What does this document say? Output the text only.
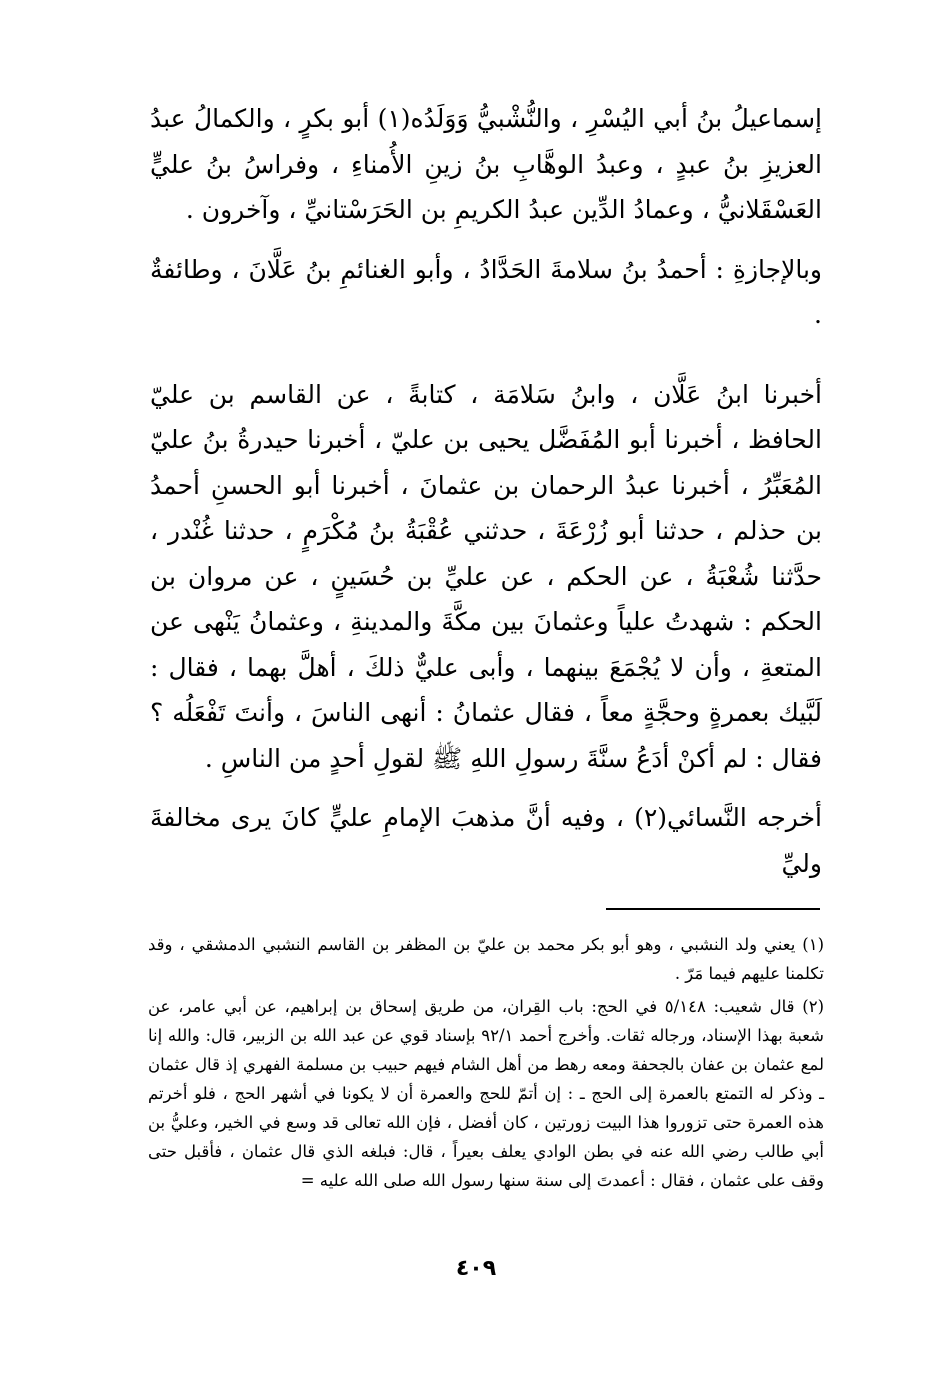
إسماعيلُ بنُ أبي اليُسْرِ ، والنُّشْبيُّ وَوَلَدُه(١) أبو بكرٍ ، والكمالُ عبدُ العزيزِ بنُ عبدٍ ، وعبدُ الوهَّابِ بنُ زينِ الأُمناءِ ، وفراسُ بنُ عليٍّ العَسْقَلانيُّ ، وعمادُ الدِّين عبدُ الكريمِ بن الحَرَسْتانيِّ ، وآخرون .

وبالإجازةِ : أحمدُ بنُ سلامةَ الحَدَّادُ ، وأبو الغنائمِ بنُ عَلَّانَ ، وطائفةٌ .

أخبرنا ابنُ عَلَّان ، وابنُ سَلامَة ، كتابةً ، عن القاسم بن عليّ الحافظ ، أخبرنا أبو المُفَضَّل يحيى بن عليّ ، أخبرنا حيدرةُ بنُ عليّ المُعَبِّرُ ، أخبرنا عبدُ الرحمان بن عثمانَ ، أخبرنا أبو الحسنِ أحمدُ بن حذلم ، حدثنا أبو زُرْعَةَ ، حدثني عُقْبَةُ بنُ مُكْرَمٍ ، حدثنا غُنْدر ، حدَّثنا شُعْبَةُ ، عن الحكم ، عن عليِّ بن حُسَينٍ ، عن مروان بن الحكم : شهدتُ علياً وعثمانَ بين مكَّةَ والمدينةِ ، وعثمانُ يَنْهى عن المتعةِ ، وأن لا يُجْمَعَ بينهما ، وأبى عليٌّ ذلكَ ، أهلَّ بهما ، فقال : لَبَّيك بعمرةٍ وحجَّةٍ معاً ، فقال عثمانُ : أنهى الناسَ ، وأنتَ تَفْعَلُه ؟ فقال : لم أكنْ أدَعُ سنَّةَ رسولِ اللهِ ﷺ لقولِ أحدٍ من الناسِ .

أخرجه النَّسائي(٢) ، وفيه أنَّ مذهبَ الإمامِ عليٍّ كانَ يرى مخالفةَ وليِّ

(١) يعني ولد النشبي ، وهو أبو بكر محمد بن عليّ بن المظفر بن القاسم النشبي الدمشقي ، وقد تكلمنا عليهم فيما مَرّ .

(٢) قال شعيب: ٥/١٤٨ في الحج: باب القِران، من طريق إسحاق بن إبراهيم، عن أبي عامر، عن شعبة بهذا الإسناد، ورجاله ثقات. وأخرج أحمد ٩٢/١ بإسناد قوي عن عبد الله بن الزبير، قال: والله إنا لمع عثمان بن عفان بالجحفة ومعه رهط من أهل الشام فيهم حبيب بن مسلمة الفهري إذ قال عثمان ـ وذكر له التمتع بالعمرة إلى الحج ـ : إن أتمّ للحج والعمرة أن لا يكونا في أشهر الحج ، فلو أخرتم هذه العمرة حتى تزوروا هذا البيت زورتين ، كان أفضل ، فإن الله تعالى قد وسع في الخير، وعليُّ بن أبي طالب رضي الله عنه في بطن الوادي يعلف بعيراً ، قال: فبلغه الذي قال عثمان ، فأقبل حتى وقف على عثمان ، فقال : أعمدتَ إلى سنة سنها رسول الله صلى الله عليه =

٤٠٩
